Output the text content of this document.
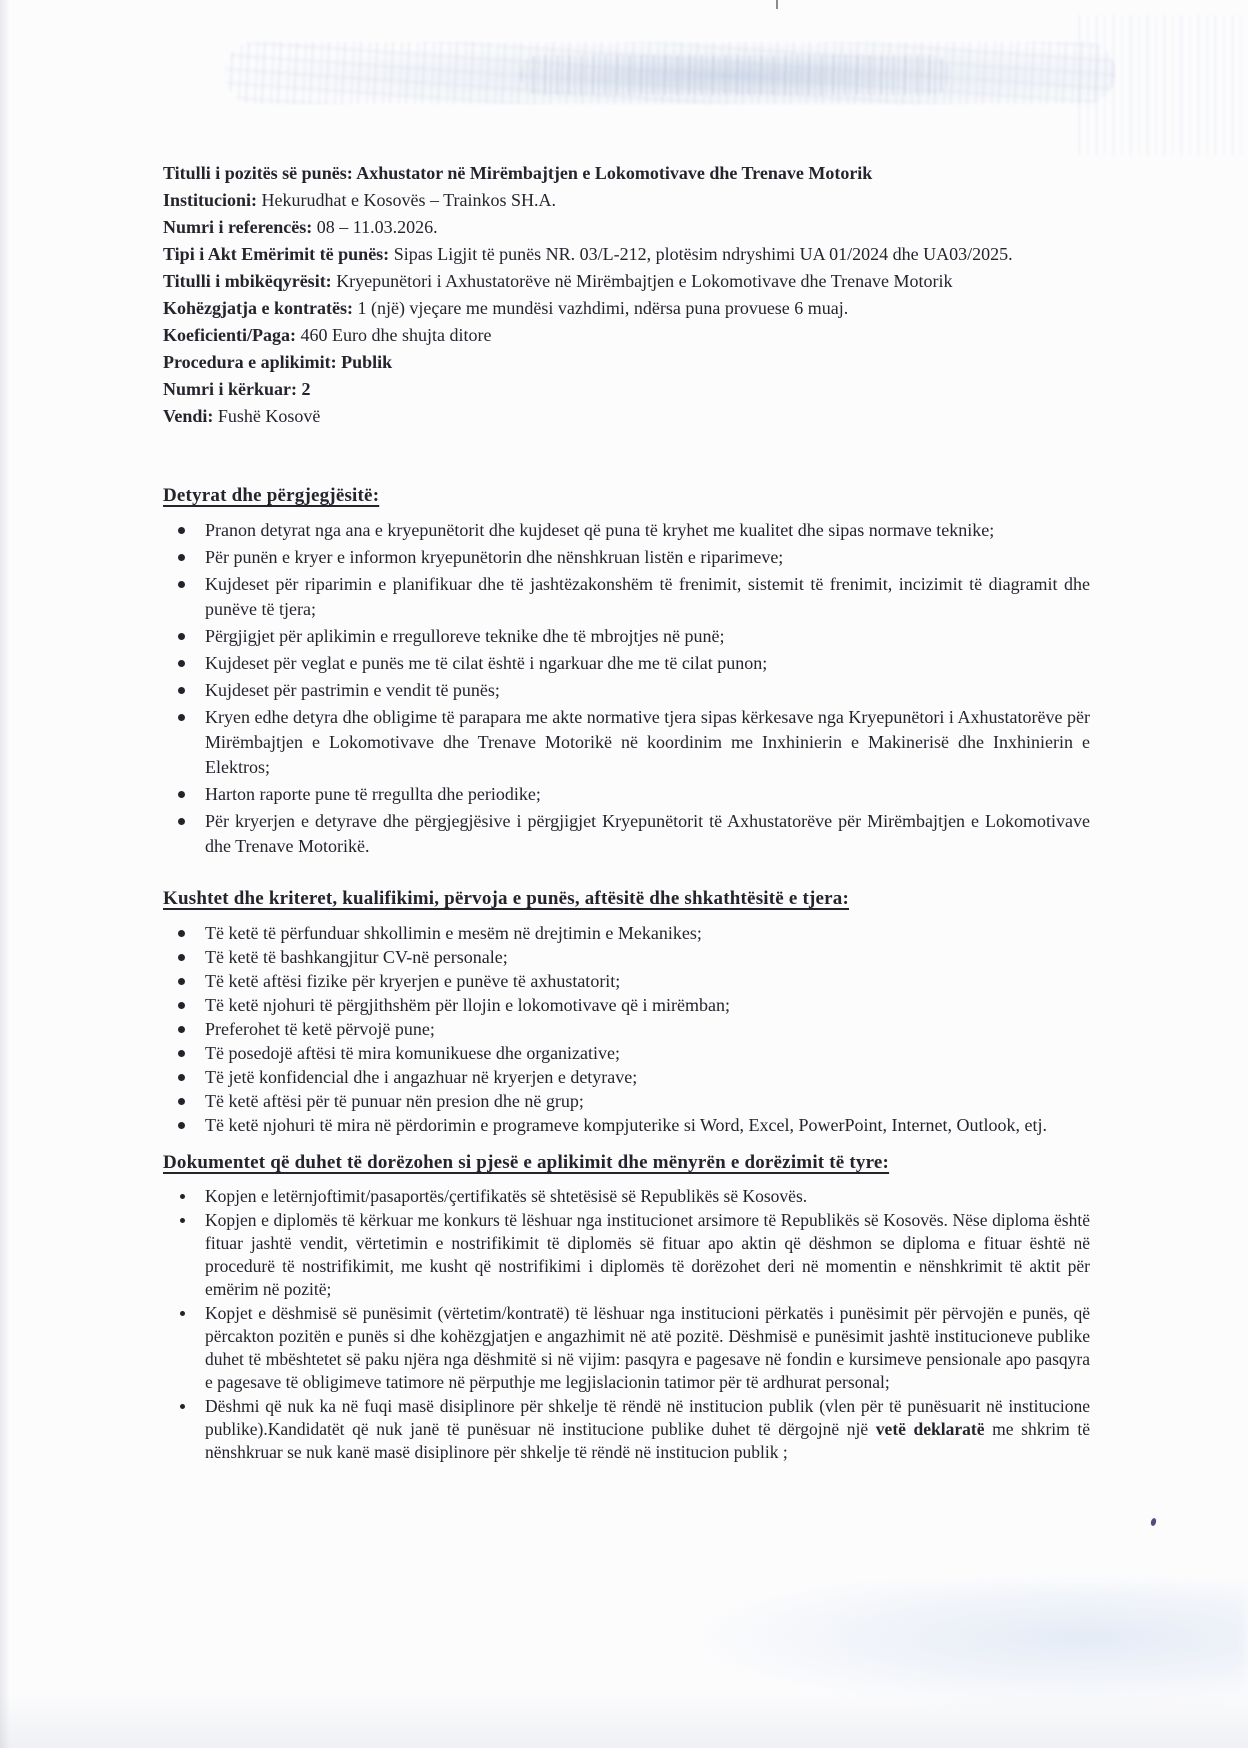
Titulli i pozitës së punës: Axhustator në Mirëmbajtjen e Lokomotivave dhe Trenave Motorik

Institucioni: Hekurudhat e Kosovës – Trainkos SH.A.

Numri i referencës: 08 – 11.03.2026.

Tipi i Akt Emërimit të punës: Sipas Ligjit të punës NR. 03/L-212, plotësim ndryshimi UA 01/2024 dhe UA03/2025.

Titulli i mbikëqyrësit: Kryepunëtori i Axhustatorëve në Mirëmbajtjen e Lokomotivave dhe Trenave Motorik

Kohëzgjatja e kontratës: 1 (një) vjeçare me mundësi vazhdimi, ndërsa puna provuese 6 muaj.

Koeficienti/Paga: 460 Euro dhe shujta ditore

Procedura e aplikimit: Publik

Numri i kërkuar: 2

Vendi: Fushë Kosovë

Detyrat dhe përgjegjësitë:
Pranon detyrat nga ana e kryepunëtorit dhe kujdeset që puna të kryhet me kualitet dhe sipas normave teknike;
Për punën e kryer e informon kryepunëtorin dhe nënshkruan listën e riparimeve;
Kujdeset për riparimin e planifikuar dhe të jashtëzakonshëm të frenimit, sistemit të frenimit, incizimit të diagramit dhe punëve të tjera;
Përgjigjet për aplikimin e rregulloreve teknike dhe të mbrojtjes në punë;
Kujdeset për veglat e punës me të cilat është i ngarkuar dhe me të cilat punon;
Kujdeset për pastrimin e vendit të punës;
Kryen edhe detyra dhe obligime të parapara me akte normative tjera sipas kërkesave nga Kryepunëtori i Axhustatorëve për Mirëmbajtjen e Lokomotivave dhe Trenave Motorikë në koordinim me Inxhinierin e Makinerisë dhe Inxhinierin e Elektros;
Harton raporte pune të rregullta dhe periodike;
Për kryerjen e detyrave dhe përgjegjësive i përgjigjet Kryepunëtorit të Axhustatorëve për Mirëmbajtjen e Lokomotivave dhe Trenave Motorikë.
Kushtet dhe kriteret, kualifikimi, përvoja e punës, aftësitë dhe shkathtësitë e tjera:
Të ketë të përfunduar shkollimin e mesëm në drejtimin e Mekanikes;
Të ketë të bashkangjitur CV-në personale;
Të ketë aftësi fizike për kryerjen e punëve të axhustatorit;
Të ketë njohuri të përgjithshëm për llojin e lokomotivave që i mirëmban;
Preferohet të ketë përvojë pune;
Të posedojë aftësi të mira komunikuese dhe organizative;
Të jetë konfidencial dhe i angazhuar në kryerjen e detyrave;
Të ketë aftësi për të punuar nën presion dhe në grup;
Të ketë njohuri të mira në përdorimin e programeve kompjuterike si Word, Excel, PowerPoint, Internet, Outlook, etj.
Dokumentet që duhet të dorëzohen si pjesë e aplikimit dhe mënyrën e dorëzimit të tyre:
Kopjen e letërnjoftimit/pasaportës/çertifikatës së shtetësisë së Republikës së Kosovës.
Kopjen e diplomës të kërkuar me konkurs të lëshuar nga institucionet arsimore të Republikës së Kosovës. Nëse diploma është fituar jashtë vendit, vërtetimin e nostrifikimit të diplomës së fituar apo aktin që dëshmon se diploma e fituar është në procedurë të nostrifikimit, me kusht që nostrifikimi i diplomës të dorëzohet deri në momentin e nënshkrimit të aktit për emërim në pozitë;
Kopjet e dëshmisë së punësimit (vërtetim/kontratë) të lëshuar nga institucioni përkatës i punësimit për përvojën e punës, që përcakton pozitën e punës si dhe kohëzgjatjen e angazhimit në atë pozitë. Dëshmisë e punësimit jashtë institucioneve publike duhet të mbështetet së paku njëra nga dëshmitë si në vijim: pasqyra e pagesave në fondin e kursimeve pensionale apo pasqyra e pagesave të obligimeve tatimore në përputhje me legjislacionin tatimor për të ardhurat personal;
Dëshmi që nuk ka në fuqi masë disiplinore për shkelje të rëndë në institucion publik (vlen për të punësuarit në institucione publike).Kandidatët që nuk janë të punësuar në institucione publike duhet të dërgojnë një vetë deklaratë me shkrim të nënshkruar se nuk kanë masë disiplinore për shkelje të rëndë në institucion publik ;
